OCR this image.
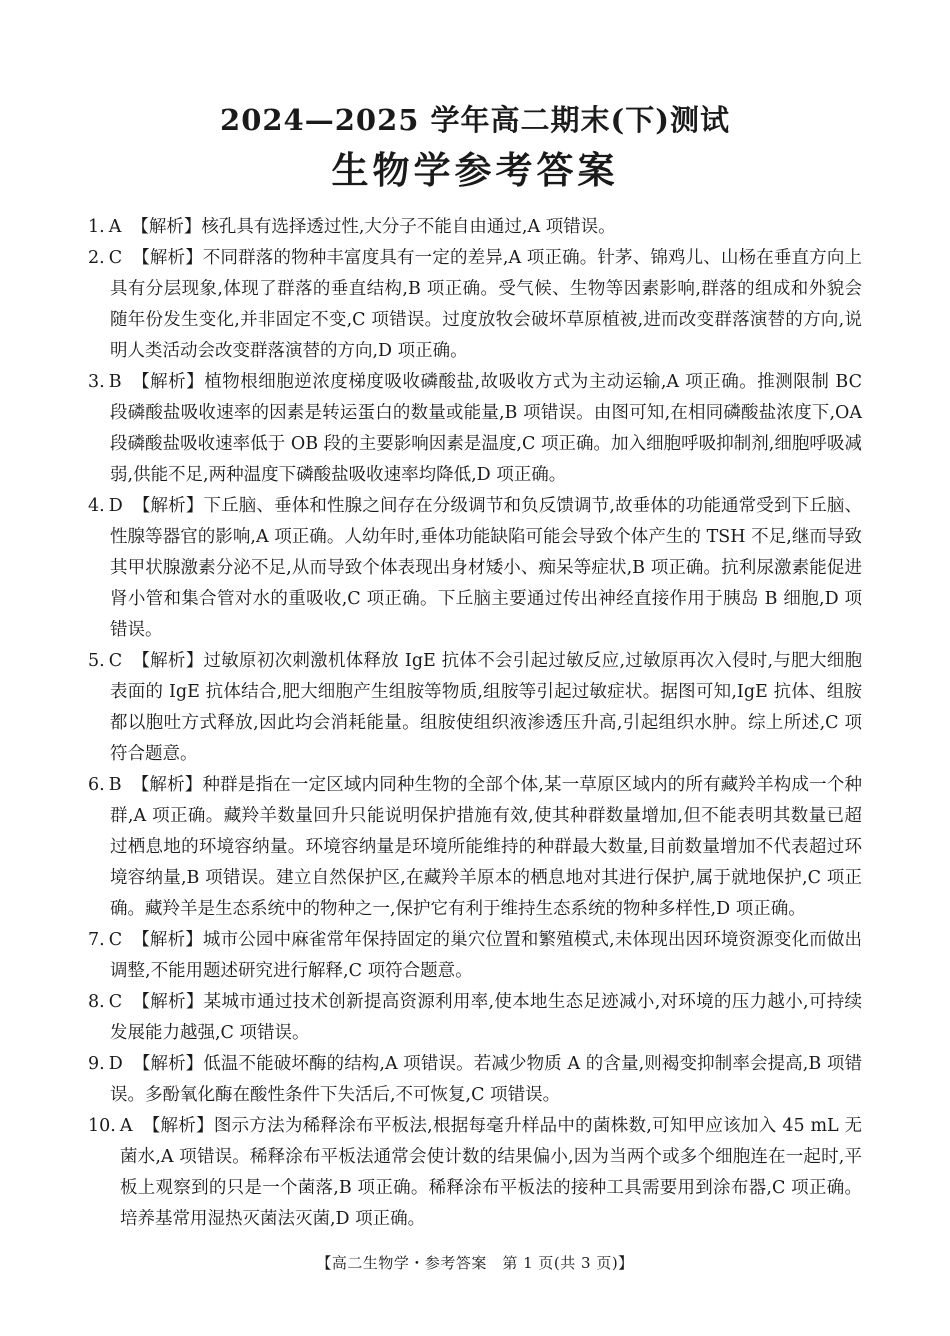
2024—2025 学年高二期末(下)测试
生物学参考答案
1. A 【解析】核孔具有选择透过性,大分子不能自由通过,A 项错误。
2. C 【解析】不同群落的物种丰富度具有一定的差异,A 项正确。针茅、锦鸡儿、山杨在垂直方向上具有分层现象,体现了群落的垂直结构,B 项正确。受气候、生物等因素影响,群落的组成和外貌会随年份发生变化,并非固定不变,C 项错误。过度放牧会破坏草原植被,进而改变群落演替的方向,说明人类活动会改变群落演替的方向,D 项正确。
3. B 【解析】植物根细胞逆浓度梯度吸收磷酸盐,故吸收方式为主动运输,A 项正确。推测限制 BC 段磷酸盐吸收速率的因素是转运蛋白的数量或能量,B 项错误。由图可知,在相同磷酸盐浓度下,OA 段磷酸盐吸收速率低于 OB 段的主要影响因素是温度,C 项正确。加入细胞呼吸抑制剂,细胞呼吸减弱,供能不足,两种温度下磷酸盐吸收速率均降低,D 项正确。
4. D 【解析】下丘脑、垂体和性腺之间存在分级调节和负反馈调节,故垂体的功能通常受到下丘脑、性腺等器官的影响,A 项正确。人幼年时,垂体功能缺陷可能会导致个体产生的 TSH 不足,继而导致其甲状腺激素分泌不足,从而导致个体表现出身材矮小、痴呆等症状,B 项正确。抗利尿激素能促进肾小管和集合管对水的重吸收,C 项正确。下丘脑主要通过传出神经直接作用于胰岛 B 细胞,D 项错误。
5. C 【解析】过敏原初次刺激机体释放 IgE 抗体不会引起过敏反应,过敏原再次入侵时,与肥大细胞表面的 IgE 抗体结合,肥大细胞产生组胺等物质,组胺等引起过敏症状。据图可知,IgE 抗体、组胺都以胞吐方式释放,因此均会消耗能量。组胺使组织液渗透压升高,引起组织水肿。综上所述,C 项符合题意。
6. B 【解析】种群是指在一定区域内同种生物的全部个体,某一草原区域内的所有藏羚羊构成一个种群,A 项正确。藏羚羊数量回升只能说明保护措施有效,使其种群数量增加,但不能表明其数量已超过栖息地的环境容纳量。环境容纳量是环境所能维持的种群最大数量,目前数量增加不代表超过环境容纳量,B 项错误。建立自然保护区,在藏羚羊原本的栖息地对其进行保护,属于就地保护,C 项正确。藏羚羊是生态系统中的物种之一,保护它有利于维持生态系统的物种多样性,D 项正确。
7. C 【解析】城市公园中麻雀常年保持固定的巢穴位置和繁殖模式,未体现出因环境资源变化而做出调整,不能用题述研究进行解释,C 项符合题意。
8. C 【解析】某城市通过技术创新提高资源利用率,使本地生态足迹减小,对环境的压力越小,可持续发展能力越强,C 项错误。
9. D 【解析】低温不能破坏酶的结构,A 项错误。若减少物质 A 的含量,则褐变抑制率会提高,B 项错误。多酚氧化酶在酸性条件下失活后,不可恢复,C 项错误。
10. A 【解析】图示方法为稀释涂布平板法,根据每毫升样品中的菌株数,可知甲应该加入 45 mL 无菌水,A 项错误。稀释涂布平板法通常会使计数的结果偏小,因为当两个或多个细胞连在一起时,平板上观察到的只是一个菌落,B 项正确。稀释涂布平板法的接种工具需要用到涂布器,C 项正确。培养基常用湿热灭菌法灭菌,D 项正确。
【高二生物学・参考答案　第 1 页(共 3 页)】
